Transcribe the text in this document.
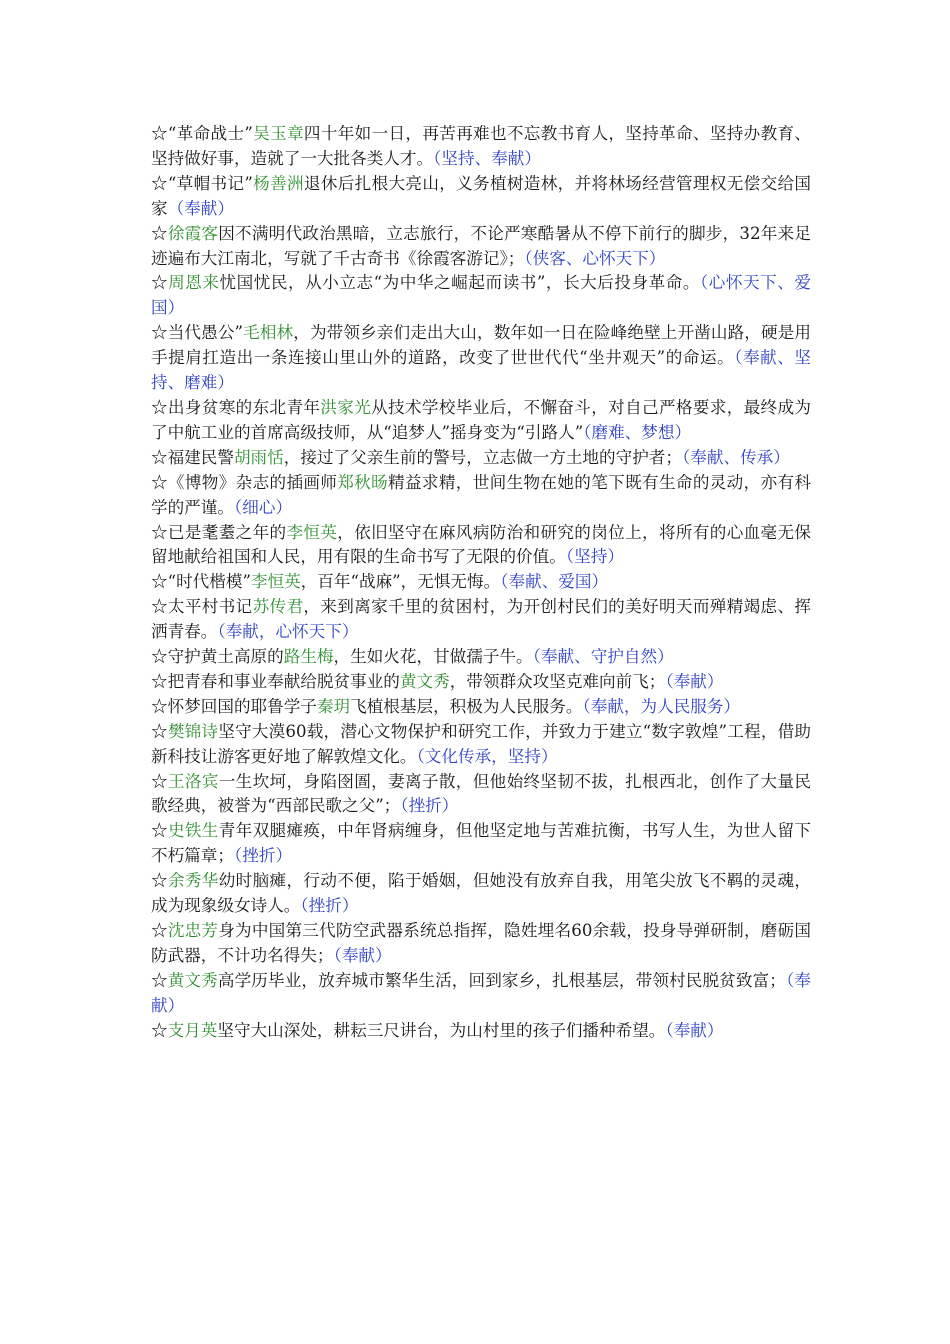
☆“革命战士”吴玉章四十年如一日，再苦再难也不忘教书育人，坚持革命、坚持办教育、坚持做好事，造就了一大批各类人才。（坚持、奉献）

☆“草帽书记”杨善洲退休后扎根大亮山，义务植树造林，并将林场经营管理权无偿交给国家（奉献）

☆徐霞客因不满明代政治黑暗，立志旅行，不论严寒酷暑从不停下前行的脚步，32年来足迹遍布大江南北，写就了千古奇书《徐霞客游记》；（侠客、心怀天下）

☆周恩来忧国忧民，从小立志“为中华之崛起而读书”，长大后投身革命。（心怀天下、爱国）

☆当代愚公”毛相林，为带领乡亲们走出大山，数年如一日在险峰绝壁上开凿山路，硬是用手提肩扛造出一条连接山里山外的道路，改变了世世代代“坐井观天”的命运。（奉献、坚持、磨难）

☆出身贫寒的东北青年洪家光从技术学校毕业后，不懈奋斗，对自己严格要求，最终成为了中航工业的首席高级技师，从“追梦人”摇身变为“引路人”（磨难、梦想）

☆福建民警胡雨恬，接过了父亲生前的警号，立志做一方土地的守护者；（奉献、传承）

☆《博物》杂志的插画师郑秋旸精益求精，世间生物在她的笔下既有生命的灵动，亦有科学的严谨。（细心）

☆已是耄耋之年的李恒英，依旧坚守在麻风病防治和研究的岗位上，将所有的心血毫无保留地献给祖国和人民，用有限的生命书写了无限的价值。（坚持）

☆“时代楷模”李恒英，百年“战麻”，无惧无悔。（奉献、爱国）

☆太平村书记苏传君，来到离家千里的贫困村，为开创村民们的美好明天而殚精竭虑、挥洒青春。（奉献，心怀天下）

☆守护黄土高原的路生梅，生如火花，甘做孺子牛。（奉献、守护自然）

☆把青春和事业奉献给脱贫事业的黄文秀，带领群众攻坚克难向前飞；（奉献）

☆怀梦回国的耶鲁学子秦玥飞植根基层，积极为人民服务。（奉献，为人民服务）

☆樊锦诗坚守大漠60载，潜心文物保护和研究工作，并致力于建立“数字敦煌”工程，借助新科技让游客更好地了解敦煌文化。（文化传承，坚持）

☆王洛宾一生坎坷，身陷囹圄，妻离子散，但他始终坚韧不拔，扎根西北，创作了大量民歌经典，被誉为“西部民歌之父”；（挫折）

☆史铁生青年双腿瘫痪，中年肾病缠身，但他坚定地与苦难抗衡，书写人生，为世人留下不朽篇章；（挫折）

☆余秀华幼时脑瘫，行动不便，陷于婚姻，但她没有放弃自我，用笔尖放飞不羁的灵魂，成为现象级女诗人。（挫折）

☆沈忠芳身为中国第三代防空武器系统总指挥，隐姓埋名60余载，投身导弹研制，磨砺国防武器，不计功名得失；（奉献）

☆黄文秀高学历毕业，放弃城市繁华生活，回到家乡，扎根基层，带领村民脱贫致富；（奉献）

☆支月英坚守大山深处，耕耘三尺讲台，为山村里的孩子们播种希望。（奉献）
